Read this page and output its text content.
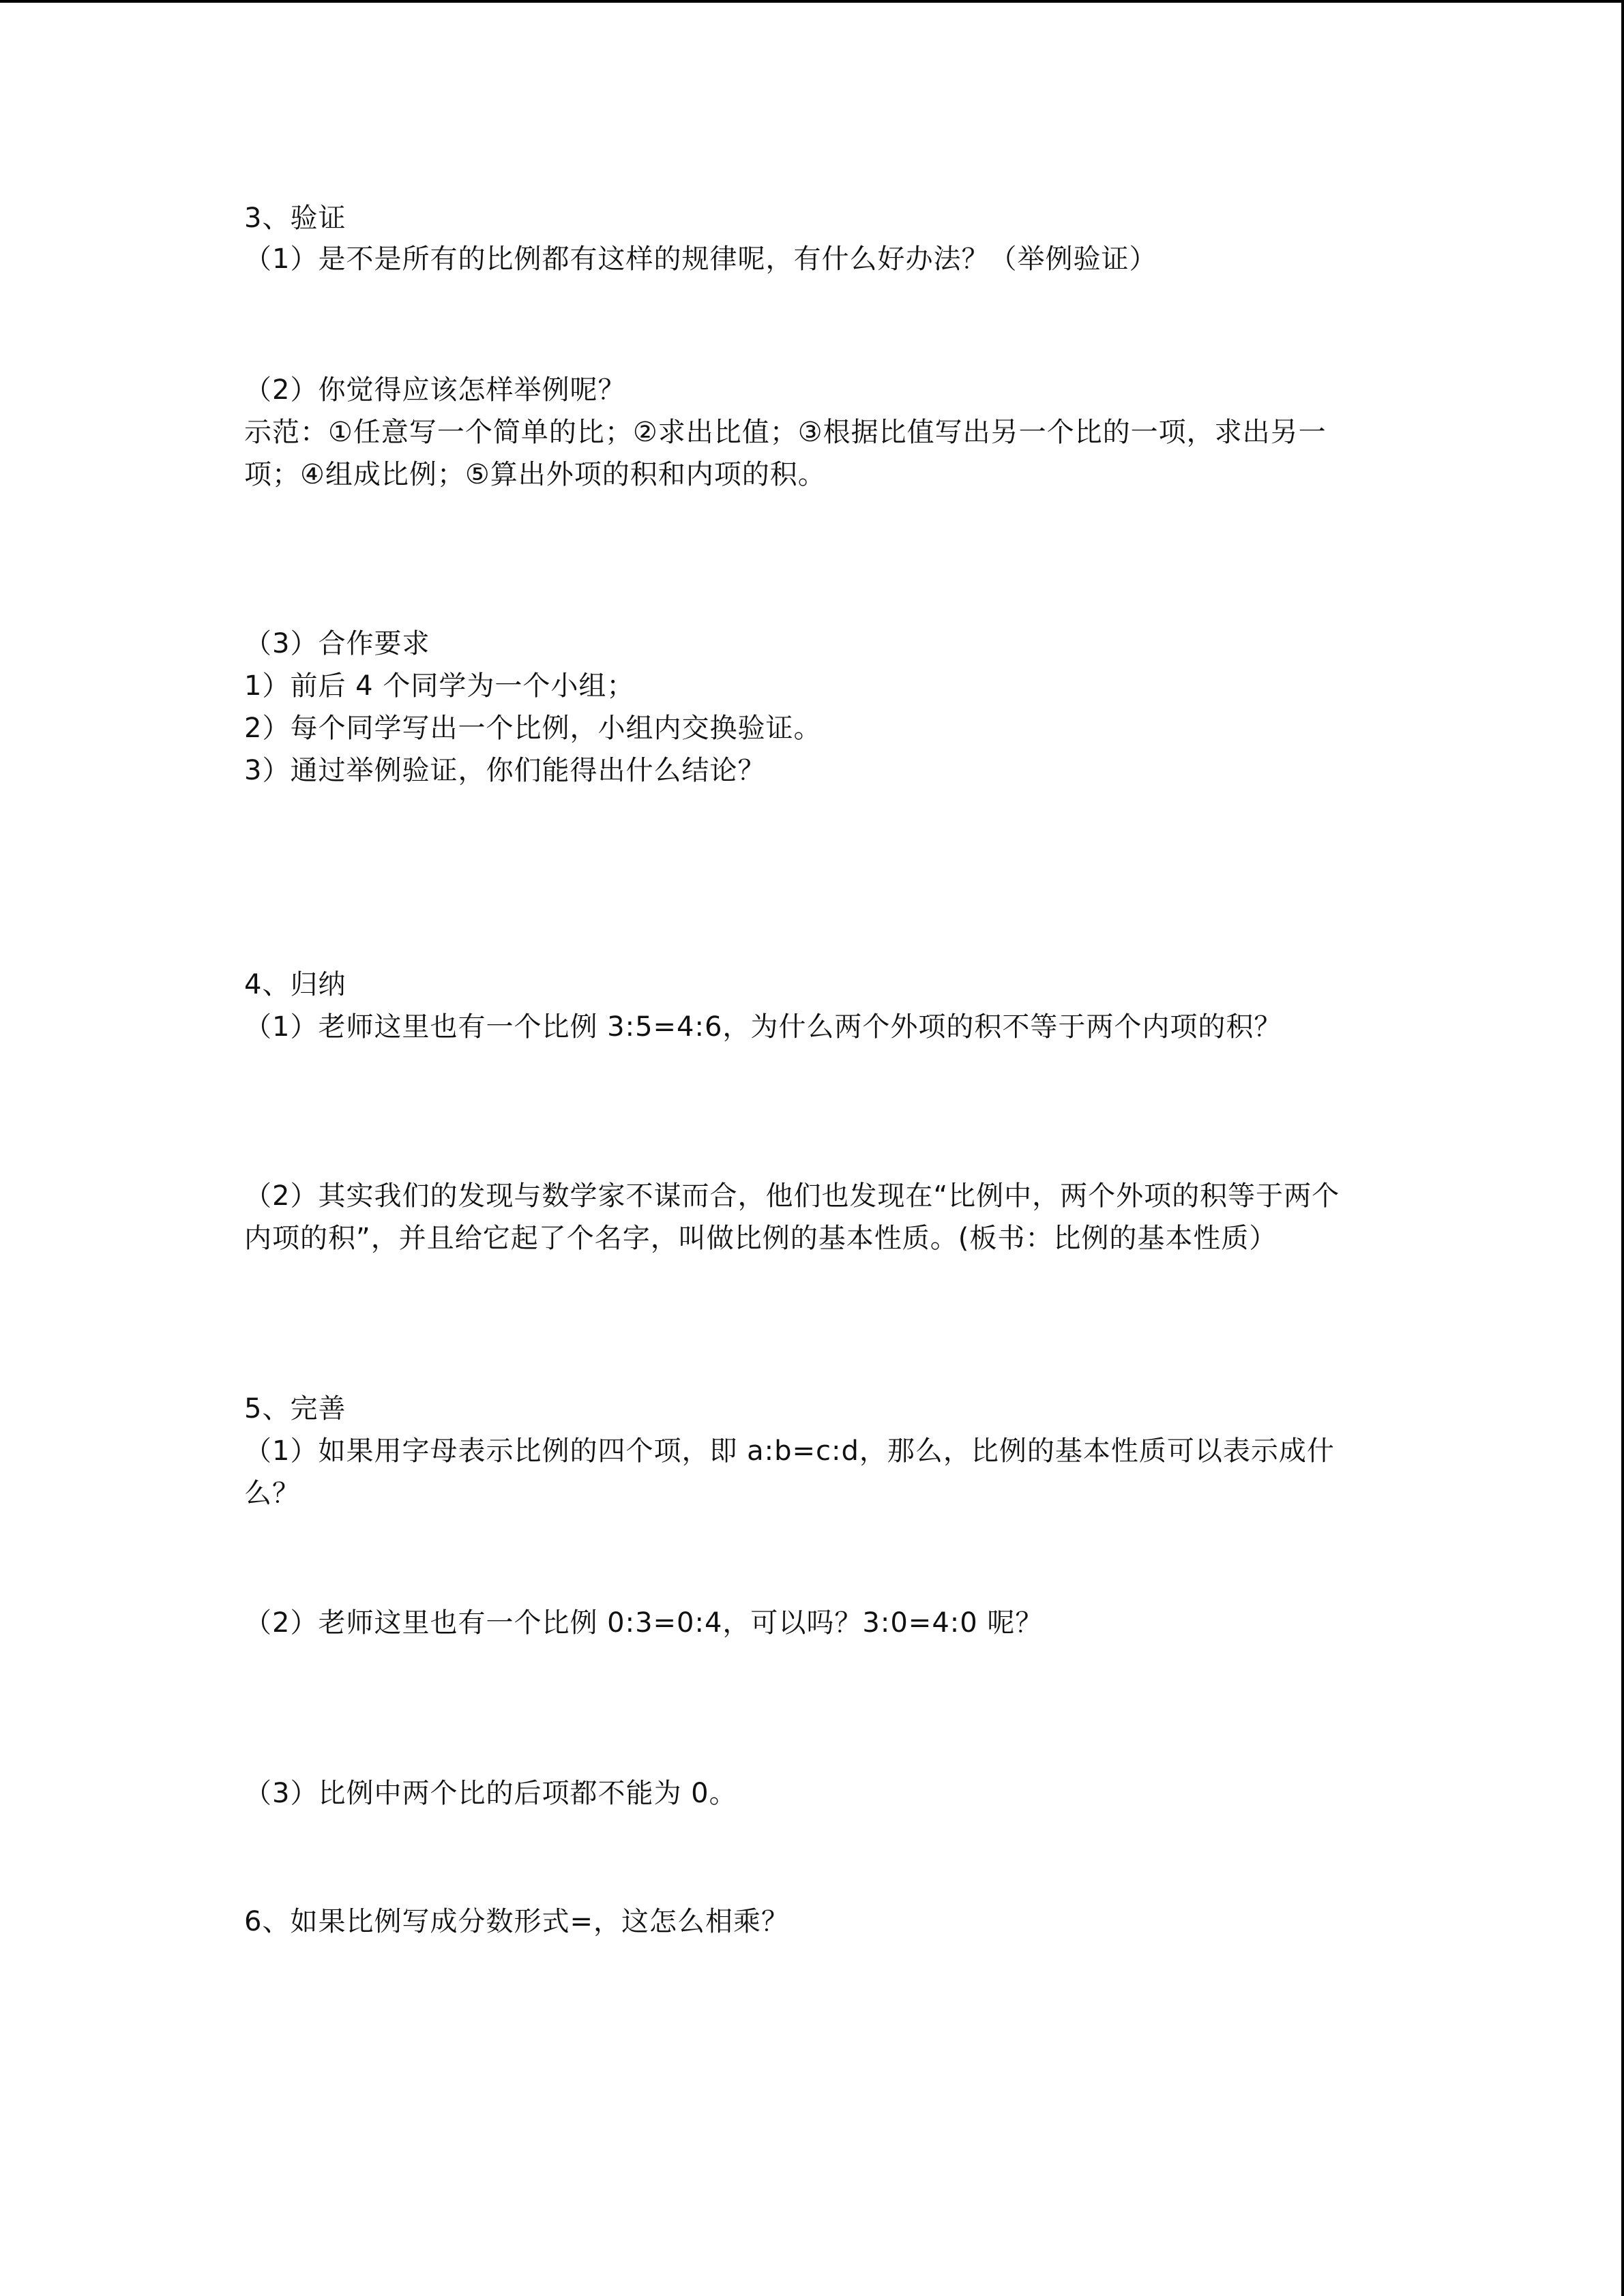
3、验证
（1）是不是所有的比例都有这样的规律呢，有什么好办法？（举例验证）
（2）你觉得应该怎样举例呢？
示范：①任意写一个简单的比；②求出比值；③根据比值写出另一个比的一项，求出另一
项；④组成比例；⑤算出外项的积和内项的积。
（3）合作要求
1）前后 4 个同学为一个小组；
2）每个同学写出一个比例，小组内交换验证。
3）通过举例验证，你们能得出什么结论？
4、归纳
（1）老师这里也有一个比例 3:5=4:6，为什么两个外项的积不等于两个内项的积？
（2）其实我们的发现与数学家不谋而合，他们也发现在“比例中，两个外项的积等于两个
内项的积”，并且给它起了个名字，叫做比例的基本性质。(板书：比例的基本性质）
5、完善
（1）如果用字母表示比例的四个项，即 a:b=c:d，那么，比例的基本性质可以表示成什
么？
（2）老师这里也有一个比例 0:3=0:4，可以吗？3:0=4:0 呢？
（3）比例中两个比的后项都不能为 0。
6、如果比例写成分数形式=，这怎么相乘？
